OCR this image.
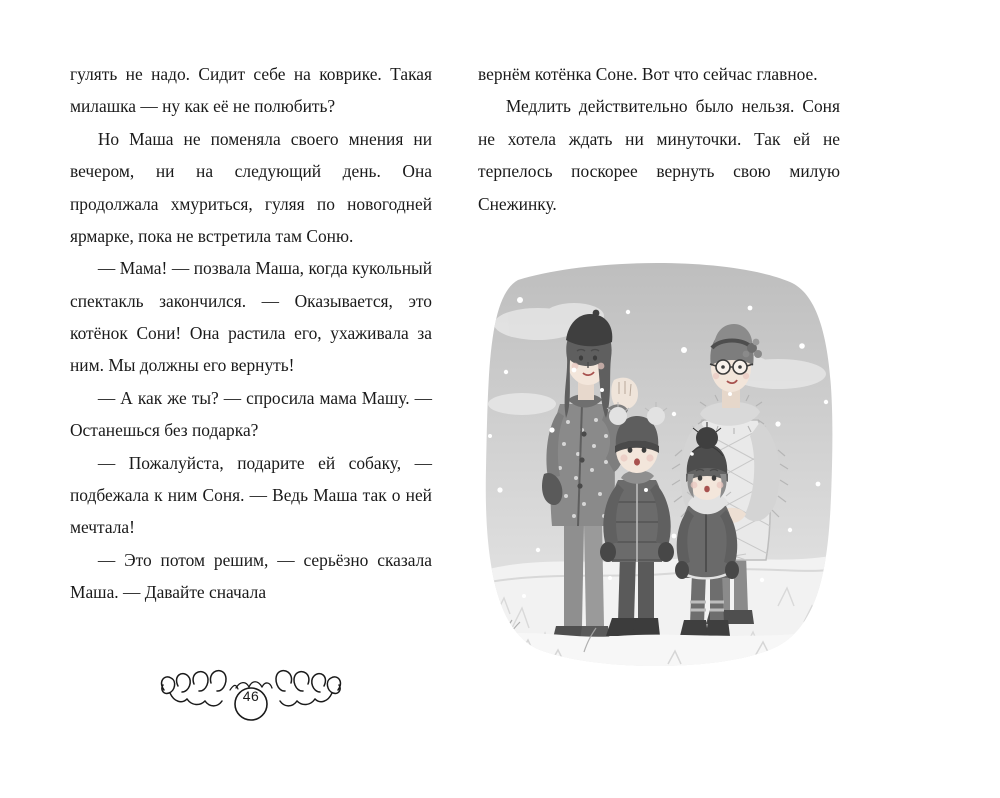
гулять не надо. Сидит себе на коврике. Такая милашка — ну как её не полюбить?

Но Маша не поменяла своего мнения ни вечером, ни на следующий день. Она продолжала хмуриться, гуляя по новогодней ярмарке, пока не встретила там Соню.

— Мама! — позвала Маша, когда кукольный спектакль закончился. — Оказывается, это котёнок Сони! Она растила его, ухаживала за ним. Мы должны его вернуть!

— А как же ты? — спросила мама Машу. — Останешься без подарка?

— Пожалуйста, подарите ей собаку, — подбежала к ним Соня. — Ведь Маша так о ней мечтала!

— Это потом решим, — серьёзно сказала Маша. — Давайте сначала

46

вернём котёнка Соне. Вот что сейчас главное.

Медлить действительно было нельзя. Соня не хотела ждать ни минуточки. Так ей не терпелось поскорее вернуть свою милую Снежинку.
